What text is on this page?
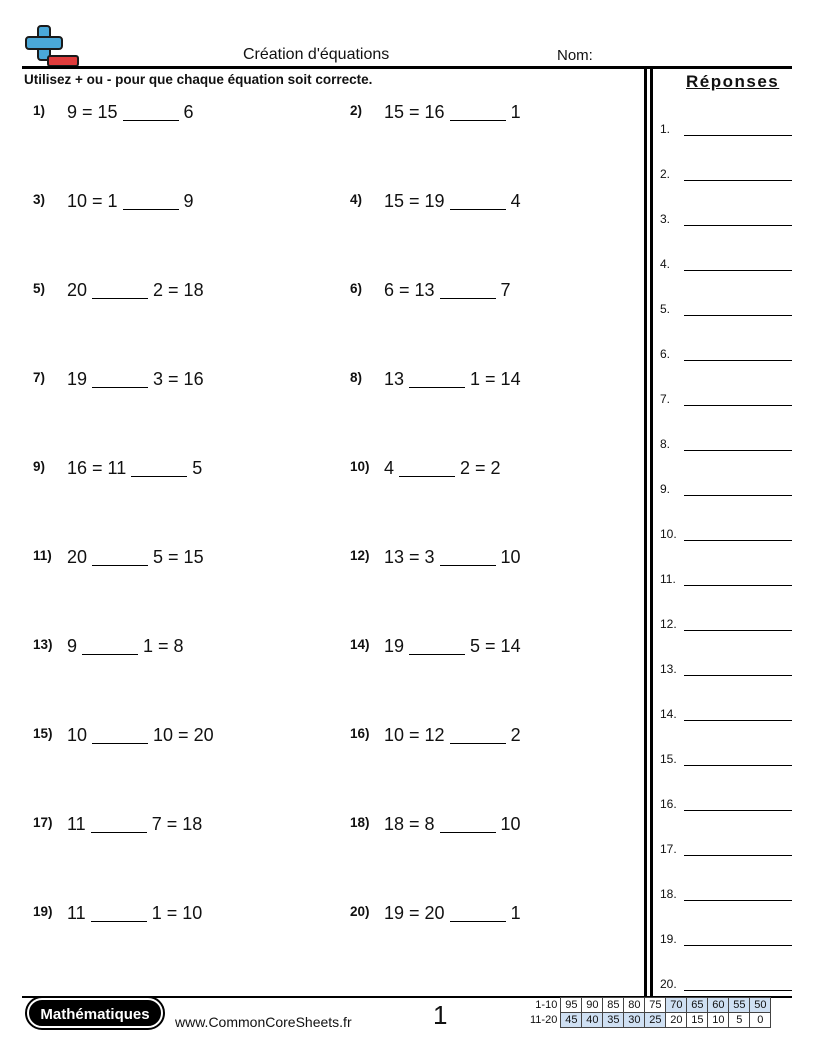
Création d'équations	Nom:
Utilisez + ou - pour que chaque équation soit correcte.
1) 9 = 15	6	2) 15 = 16	1
3) 10 = 1	9	4) 15 = 19	4
5) 20	2 = 18	6) 6 = 13	7
7) 19	3 = 16	8) 13	1 = 14
9) 16 = 11	5	10) 4	2 = 2
11) 20	5 = 15	12) 13 = 3	10
13) 9	1 = 8	14) 19	5 = 14
15) 10	10 = 20	16) 10 = 12	2
17) 11	7 = 18	18) 18 = 8	10
19) 11	1 = 10	20) 19 = 20	1
Réponses
1.
2.
3.
4.
5.
6.
7.
8.
9.
10.
11.
12.
13.
14.
15.
16.
17.
18.
19.
20.
Mathématiques	www.CommonCoreSheets.fr	1	1-10	95	90	85	80	75	70	65	60	55	50
11-20	45	40	35	30	25	20	15	10	5	0
